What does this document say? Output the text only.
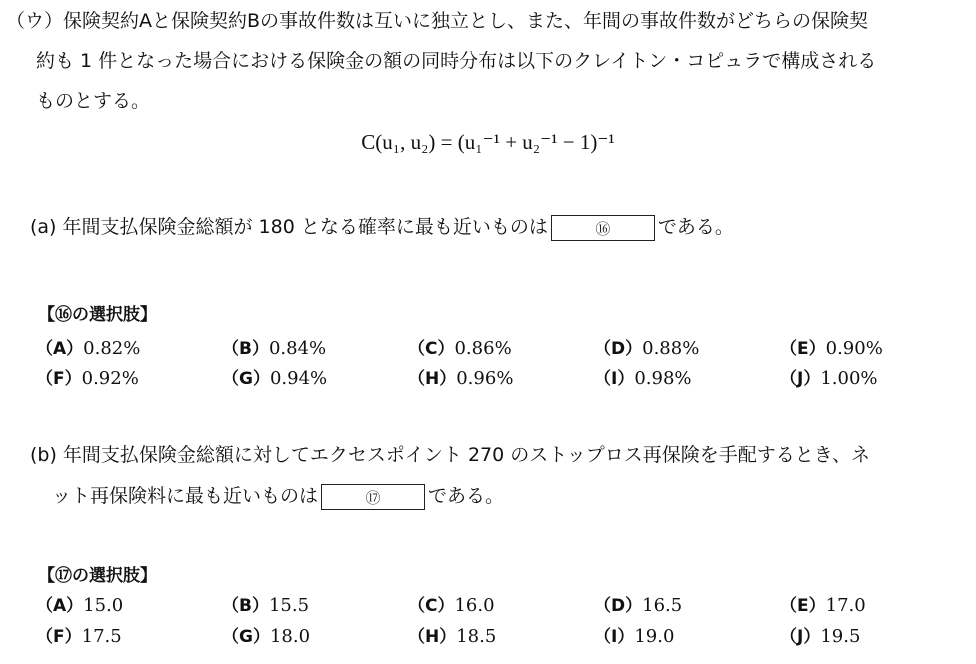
（ウ）保険契約Aと保険契約Bの事故件数は互いに独立とし、また、年間の事故件数がどちらの保険契
約も 1 件となった場合における保険金の額の同時分布は以下のクレイトン・コピュラで構成される
ものとする。
C(u₁, u₂) = (u₁⁻¹ + u₂⁻¹ − 1)⁻¹
(a) 年間支払保険金総額が 180 となる確率に最も近いものは	⑯	である。
【⑯の選択肢】
（A）0.82%	（B）0.84%	（C）0.86%	（D）0.88%	（E）0.90%
（F）0.92%	（G）0.94%	（H）0.96%	（I）0.98%	（J）1.00%
(b) 年間支払保険金総額に対してエクセスポイント 270 のストップロス再保険を手配するとき、ネ
ット再保険料に最も近いものは	⑰	である。
【⑰の選択肢】
（A）15.0	（B）15.5	（C）16.0	（D）16.5	（E）17.0
（F）17.5	（G）18.0	（H）18.5	（I）19.0	（J）19.5
